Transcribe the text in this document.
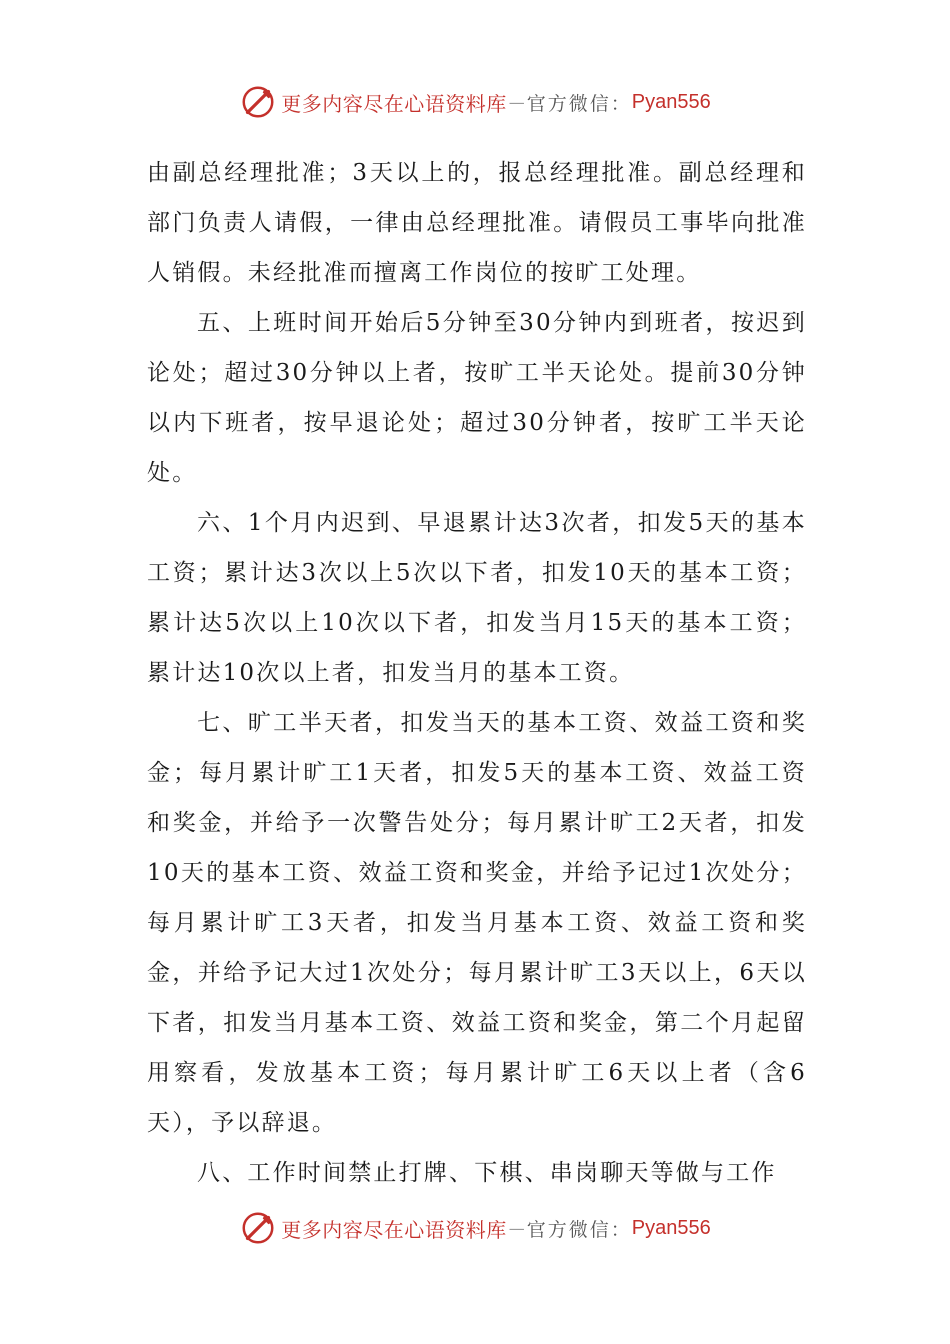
更多内容尽在心语资料库 — 官方微信： Pyan556

由副总经理批准；3天以上的，报总经理批准。副总经理和部门负责人请假，一律由总经理批准。请假员工事毕向批准人销假。未经批准而擅离工作岗位的按旷工处理。

五、上班时间开始后5分钟至30分钟内到班者，按迟到论处；超过30分钟以上者，按旷工半天论处。提前30分钟以内下班者，按早退论处；超过30分钟者，按旷工半天论处。

六、1个月内迟到、早退累计达3次者，扣发5天的基本工资；累计达3次以上5次以下者，扣发10天的基本工资；累计达5次以上10次以下者，扣发当月15天的基本工资；累计达10次以上者，扣发当月的基本工资。

七、旷工半天者，扣发当天的基本工资、效益工资和奖金；每月累计旷工1天者，扣发5天的基本工资、效益工资和奖金，并给予一次警告处分；每月累计旷工2天者，扣发10天的基本工资、效益工资和奖金，并给予记过1次处分；每月累计旷工3天者，扣发当月基本工资、效益工资和奖金，并给予记大过1次处分；每月累计旷工3天以上，6天以下者，扣发当月基本工资、效益工资和奖金，第二个月起留用察看，发放基本工资；每月累计旷工6天以上者（含6天），予以辞退。

八、工作时间禁止打牌、下棋、串岗聊天等做与工作

更多内容尽在心语资料库 — 官方微信： Pyan556
